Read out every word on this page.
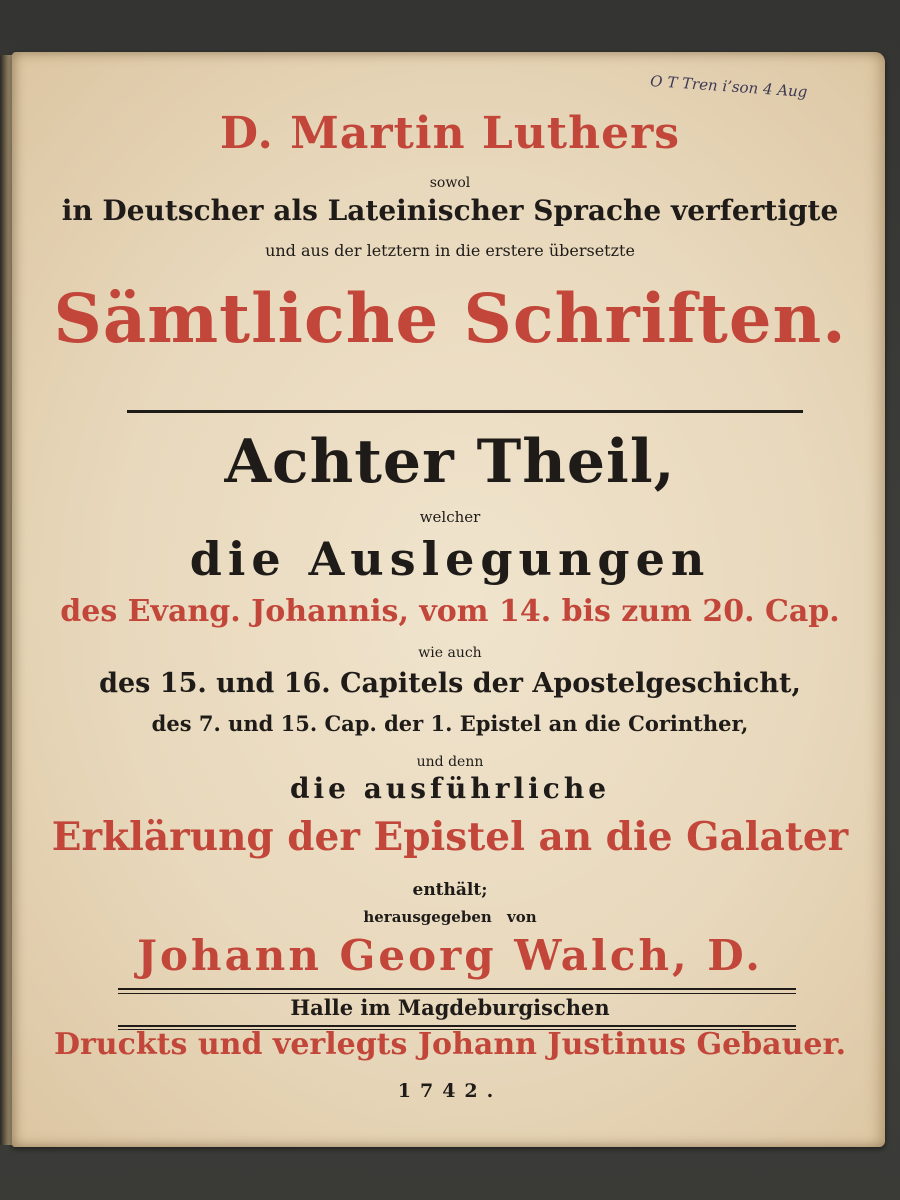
O T Tren i’son 4 Aug

D. Martin Luthers

sowol

in Deutscher als Lateinischer Sprache verfertigte

und aus der letztern in die erstere übersetzte

Sämtliche Schriften.

Achter Theil,

welcher

die Auslegungen

des Evang. Johannis, vom 14. bis zum 20. Cap.

wie auch

des 15. und 16. Capitels der Apostelgeschicht,

des 7. und 15. Cap. der 1. Epistel an die Corinther,

und denn

die ausführliche

Erklärung der Epistel an die Galater

enthält;

herausgegeben von

Johann Georg Walch, D.

Halle im Magdeburgischen

Druckts und verlegts Johann Justinus Gebauer.

1742.
